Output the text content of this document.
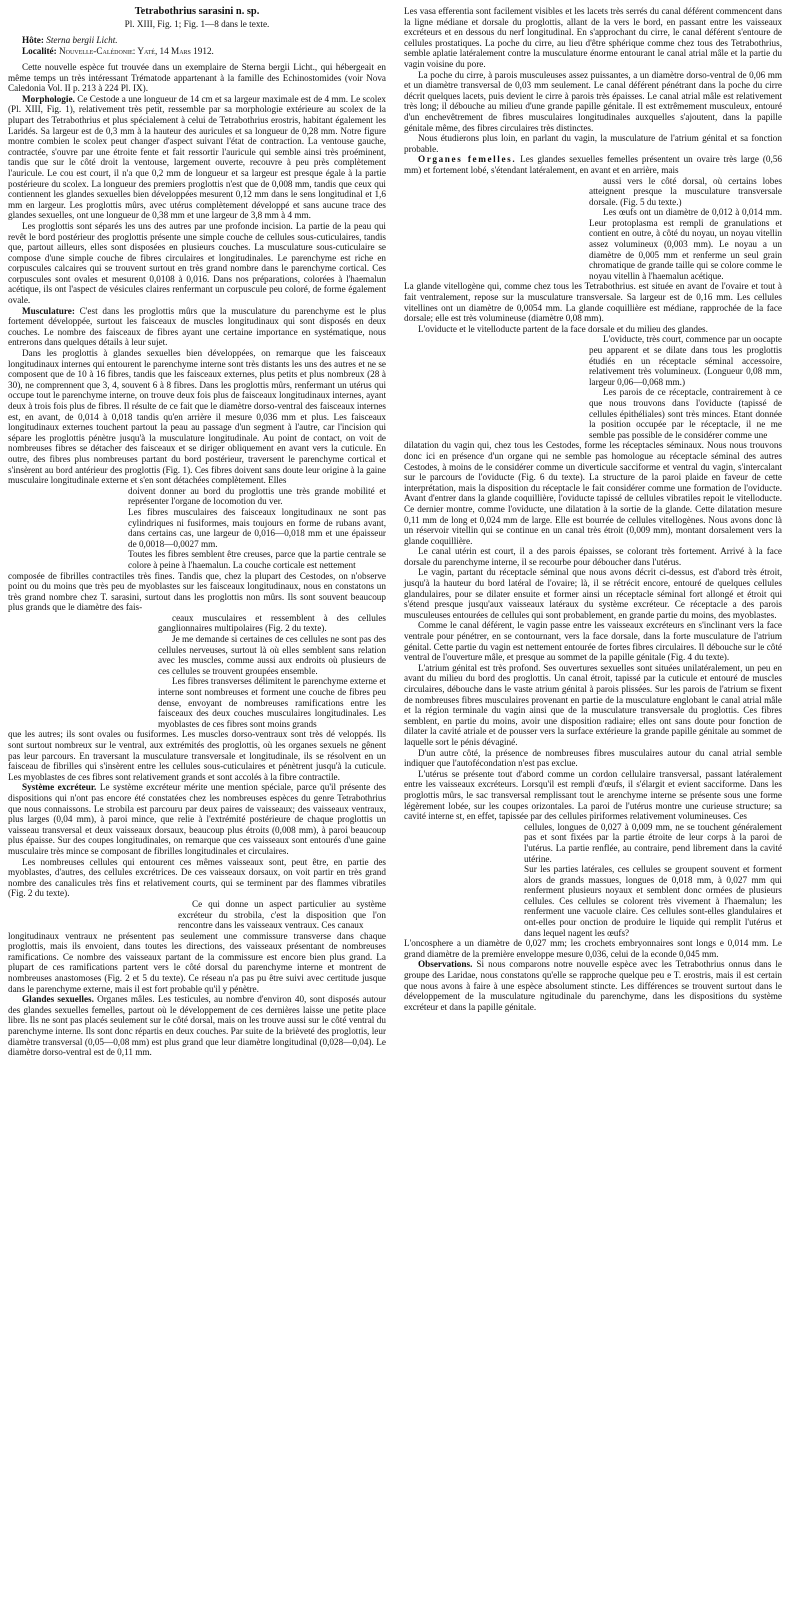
Tetrabothrius sarasini n. sp.

Pl. XIII, Fig. 1; Fig. 1—8 dans le texte.

Hôte: Sterna bergii Licht.

Localité: Nouvelle-Calédonie: Yaté, 14 Mars 1912.

Cette nouvelle espèce fut trouvée dans un exemplaire de Sterna bergii Licht., qui hébergeait en même temps un très intéressant Trématode appartenant à la famille des Echinostomides (voir Nova Caledonia Vol. II p. 213 à 224 Pl. IX).

Morphologie. Ce Cestode a une longueur de 14 cm et sa largeur maximale est de 4 mm. Le scolex (Pl. XIII, Fig. 1), relativement très petit, ressemble par sa morphologie extérieure au scolex de la plupart des Tetrabothrius et plus spécialement à celui de Tetrabothrius erostris, habitant également les Laridés. Sa largeur est de 0,3 mm à la hauteur des auricules et sa longueur de 0,28 mm. Notre figure montre combien le scolex peut changer d'aspect suivant l'état de contraction. La ventouse gauche, contractée, s'ouvre par une étroite fente et fait ressortir l'auricule qui semble ainsi très proéminent, tandis que sur le côté droit la ventouse, largement ouverte, recouvre à peu près complètement l'auricule. Le cou est court, il n'a que 0,2 mm de longueur et sa largeur est presque égale à la partie postérieure du scolex. La longueur des premiers proglottis n'est que de 0,008 mm, tandis que ceux qui contiennent les glandes sexuelles bien développées mesurent 0,12 mm dans le sens longitudinal et 1,6 mm en largeur. Les proglottis mûrs, avec utérus complètement développé et sans aucune trace des glandes sexuelles, ont une longueur de 0,38 mm et une largeur de 3,8 mm à 4 mm.

Les proglottis sont séparés les uns des autres par une profonde incision. La partie de la peau qui revêt le bord postérieur des proglottis présente une simple couche de cellules sous-cuticulaires, tandis que, partout ailleurs, elles sont disposées en plusieurs couches. La musculature sous-cuticulaire se compose d'une simple couche de fibres circulaires et longitudinales. Le parenchyme est riche en corpuscules calcaires qui se trouvent surtout en très grand nombre dans le parenchyme cortical. Ces corpuscules sont ovales et mesurent 0,0108 à 0,016. Dans nos préparations, colorées à l'haemalun acétique, ils ont l'aspect de vésicules claires renfermant un corpuscule peu coloré, de forme également ovale.

Musculature: C'est dans les proglottis mûrs que la musculature du parenchyme est le plus fortement développée, surtout les faisceaux de muscles longitudinaux qui sont disposés en deux couches. Le nombre des faisceaux de fibres ayant une certaine importance en systématique, nous entrerons dans quelques détails à leur sujet.

Dans les proglottis à glandes sexuelles bien développées, on remarque que les faisceaux longitudinaux internes qui entourent le parenchyme interne sont très distants les uns des autres et ne se composent que de 10 à 16 fibres, tandis que les faisceaux externes, plus petits et plus nombreux (28 à 30), ne comprennent que 3, 4, souvent 6 à 8 fibres. Dans les proglottis mûrs, renfermant un utérus qui occupe tout le parenchyme interne, on trouve deux fois plus de faisceaux longitudinaux internes, ayant deux à trois fois plus de fibres. Il résulte de ce fait que le diamètre dorso-ventral des faisceaux internes est, en avant, de 0,014 à 0,018 tandis qu'en arrière il mesure 0,036 mm et plus. Les faisceaux longitudinaux externes touchent partout la peau au passage d'un segment à l'autre, car l'incision qui sépare les proglottis pénètre jusqu'à la musculature longitudinale. Au point de contact, on voit de nombreuses fibres se détacher des faisceaux et se diriger obliquement en avant vers la cuticule. En outre, des fibres plus nombreuses partant du bord postérieur, traversent le parenchyme cortical et s'insèrent au bord antérieur des proglottis (Fig. 1). Ces fibres doivent sans doute leur origine à la gaine musculaire longitudinale externe et s'en sont détachées complètement. Elles

doivent donner au bord du proglottis une très grande mobilité et représenter l'organe de locomotion du ver.

Les fibres musculaires des faisceaux longitudinaux ne sont pas cylindriques ni fusiformes, mais toujours en forme de rubans avant, dans certains cas, une largeur de 0,016—0,018 mm et une épaisseur de 0,0018—0,0027 mm.

Toutes les fibres semblent être creuses, parce que la partie centrale se colore à peine à l'haemalun. La couche corticale est nettement

composée de fibrilles contractiles très fines. Tandis que, chez la plupart des Cestodes, on n'observe point ou du moins que très peu de myoblastes sur les faisceaux longitudinaux, nous en constatons un très grand nombre chez T. sarasini, surtout dans les proglottis non mûrs. Ils sont souvent beaucoup plus grands que le diamètre des fais-

ceaux musculaires et ressemblent à des cellules ganglionnaires multipolaires (Fig. 2 du texte).

Je me demande si certaines de ces cellules ne sont pas des cellules nerveuses, surtout là où elles semblent sans relation avec les muscles, comme aussi aux endroits où plusieurs de ces cellules se trouvent groupées ensemble.

Les fibres transverses délimitent le parenchyme externe et interne sont nombreuses et forment une couche de fibres peu dense, envoyant de nombreuses ramifications entre les faisceaux des deux couches musculaires longitudinales. Les myoblastes de ces fibres sont moins grands

que les autres; ils sont ovales ou fusiformes. Les muscles dorso-ventraux sont très dé veloppés. Ils sont surtout nombreux sur le ventral, aux extrémités des proglottis, où les organes sexuels ne gênent pas leur parcours. En traversant la musculature transversale et longitudinale, ils se résolvent en un faisceau de fibrilles qui s'insèrent entre les cellules sous-cuticulaires et pénètrent jusqu'à la cuticule. Les myoblastes de ces fibres sont relativement grands et sont accolés à la fibre contractile.

Système excréteur. Le système excréteur mérite une mention spéciale, parce qu'il présente des dispositions qui n'ont pas encore été constatées chez les nombreuses espèces du genre Tetrabothrius que nous connaissons. Le strobila est parcouru par deux paires de vaisseaux; des vaisseaux ventraux, plus larges (0,04 mm), à paroi mince, que relie à l'extrémité postérieure de chaque proglottis un vaisseau transversal et deux vaisseaux dorsaux, beaucoup plus étroits (0,008 mm), à paroi beaucoup plus épaisse. Sur des coupes longitudinales, on remarque que ces vaisseaux sont entourés d'une gaine musculaire très mince se composant de fibrilles longitudinales et circulaires.

Les nombreuses cellules qui entourent ces mêmes vaisseaux sont, peut être, en partie des myoblastes, d'autres, des cellules excrétrices. De ces vaisseaux dorsaux, on voit partir en très grand nombre des canalicules très fins et relativement courts, qui se terminent par des flammes vibratiles (Fig. 2 du texte).

Ce qui donne un aspect particulier au système excréteur du strobila, c'est la disposition que l'on rencontre dans les vaisseaux ventraux. Ces canaux

longitudinaux ventraux ne présentent pas seulement une commissure transverse dans chaque proglottis, mais ils envoient, dans toutes les directions, des vaisseaux présentant de nombreuses ramifications. Ce nombre des vaisseaux partant de la commissure est encore bien plus grand. La plupart de ces ramifications partent vers le côté dorsal du parenchyme interne et montrent de nombreuses anastomoses (Fig. 2 et 5 du texte). Ce réseau n'a pas pu être suivi avec certitude jusque dans le parenchyme externe, mais il est fort probable qu'il y pénètre.

Glandes sexuelles. Organes mâles. Les testicules, au nombre d'environ 40, sont disposés autour des glandes sexuelles femelles, partout où le développement de ces dernières laisse une petite place libre. Ils ne sont pas placés seulement sur le côté dorsal, mais on les trouve aussi sur le côté ventral du parenchyme interne. Ils sont donc répartis en deux couches. Par suite de la brièveté des proglottis, leur diamètre transversal (0,05—0,08 mm) est plus grand que leur diamètre longitudinal (0,028—0,04). Le diamètre dorso-ventral est de 0,11 mm.

Les vasa efferentia sont facilement visibles et les lacets très serrés du canal déférent commencent dans la ligne médiane et dorsale du proglottis, allant de la vers le bord, en passant entre les vaisseaux excréteurs et en dessous du nerf longitudinal. En s'approchant du cirre, le canal déférent s'entoure de cellules prostatiques. La poche du cirre, au lieu d'être sphérique comme chez tous des Tetrabothrius, semble aplatie latéralement contre la musculature énorme entourant le canal atrial mâle et la partie du vagin voisine du pore.

La poche du cirre, à parois musculeuses assez puissantes, a un diamètre dorso-ventral de 0,06 mm et un diamètre transversal de 0,03 mm seulement. Le canal déférent pénétrant dans la poche du cirre décrit quelques lacets, puis devient le cirre à parois très épaisses. Le canal atrial mâle est relativement très long; il débouche au milieu d'une grande papille génitale. Il est extrêmement musculeux, entouré d'un enchevêtrement de fibres musculaires longitudinales auxquelles s'ajoutent, dans la papille génitale même, des fibres circulaires très distinctes.

Nous étudierons plus loin, en parlant du vagin, la musculature de l'atrium génital et sa fonction probable.

Organes femelles. Les glandes sexuelles femelles présentent un ovaire très large (0,56 mm) et fortement lobé, s'étendant latéralement, en avant et en arrière, mais

aussi vers le côté dorsal, où certains lobes atteignent presque la musculature transversale dorsale. (Fig. 5 du texte.)

Les œufs ont un diamètre de 0,012 à 0,014 mm. Leur protoplasma est rempli de granulations et contient en outre, à côté du noyau, un noyau vitellin assez volumineux (0,003 mm). Le noyau a un diamètre de 0,005 mm et renferme un seul grain chromatique de grande taille qui se colore comme le noyau vitellin à l'haemalun acétique.

La glande vitellogène qui, comme chez tous les Tetrabothrius. est située en avant de l'ovaire et tout à fait ventralement, repose sur la musculature transversale. Sa largeur est de 0,16 mm. Les cellules vitellines ont un diamètre de 0,0054 mm. La glande coquillière est médiane, rapprochée de la face dorsale; elle est très volumineuse (diamètre 0,08 mm).

L'oviducte et le vitelloducte partent de la face dorsale et du milieu des glandes.

L'oviducte, très court, commence par un oocapte peu apparent et se dilate dans tous les proglottis étudiés en un réceptacle séminal accessoire, relativement très volumineux. (Longueur 0,08 mm, largeur 0,06—0,068 mm.)

Les parois de ce réceptacle, contrairement à ce que nous trouvons dans l'oviducte (tapissé de cellules épithéliales) sont très minces. Etant donnée la position occupée par le réceptacle, il ne me semble pas possible de le considérer comme une

dilatation du vagin qui, chez tous les Cestodes, forme les réceptacles séminaux. Nous nous trouvons donc ici en présence d'un organe qui ne semble pas homologue au réceptacle séminal des autres Cestodes, à moins de le considérer comme un diverticule sacciforme et ventral du vagin, s'intercalant sur le parcours de l'oviducte (Fig. 6 du texte). La structure de la paroi plaide en faveur de cette interprétation, mais la disposition du réceptacle le fait considérer comme une formation de l'oviducte. Avant d'entrer dans la glande coquillière, l'oviducte tapissé de cellules vibratiles repoit le vitelloducte. Ce dernier montre, comme l'oviducte, une dilatation à la sortie de la glande. Cette dilatation mesure 0,11 mm de long et 0,024 mm de large. Elle est bourrée de cellules vitellogènes. Nous avons donc là un réservoir vitellin qui se continue en un canal très étroit (0,009 mm), montant dorsalement vers la glande coquillière.

Le canal utérin est court, il a des parois épaisses, se colorant très fortement. Arrivé à la face dorsale du parenchyme interne, il se recourbe pour déboucher dans l'utérus.

Le vagin, partant du réceptacle séminal que nous avons décrit ci-dessus, est d'abord très étroit, jusqu'à la hauteur du bord latéral de l'ovaire; là, il se rétrécit encore, entouré de quelques cellules glandulaires, pour se dilater ensuite et former ainsi un réceptacle séminal fort allongé et étroit qui s'étend presque jusqu'aux vaisseaux latéraux du système excréteur. Ce réceptacle a des parois musculeuses entourées de cellules qui sont probablement, en grande partie du moins, des myoblastes.

Comme le canal déférent, le vagin passe entre les vaisseaux excréteurs en s'inclinant vers la face ventrale pour pénétrer, en se contournant, vers la face dorsale, dans la forte musculature de l'atrium génital. Cette partie du vagin est nettement entourée de fortes fibres circulaires. Il débouche sur le côté ventral de l'ouverture mâle, et presque au sommet de la papille génitale (Fig. 4 du texte).

L'atrium génital est très profond. Ses ouvertures sexuelles sont situées unilatéralement, un peu en avant du milieu du bord des proglottis. Un canal étroit, tapissé par la cuticule et entouré de muscles circulaires, débouche dans le vaste atrium génital à parois plissées. Sur les parois de l'atrium se fixent de nombreuses fibres musculaires provenant en partie de la musculature englobant le canal atrial mâle et la région terminale du vagin ainsi que de la musculature transversale du proglottis. Ces fibres semblent, en partie du moins, avoir une disposition radiaire; elles ont sans doute pour fonction de dilater la cavité atriale et de pousser vers la surface extérieure la grande papille génitale au sommet de laquelle sort le pénis dévaginé.

D'un autre côté, la présence de nombreuses fibres musculaires autour du canal atrial semble indiquer que l'autofécondation n'est pas exclue.

L'utérus se présente tout d'abord comme un cordon cellulaire transversal, passant latéralement entre les vaisseaux excréteurs. Lorsqu'il est rempli d'œufs, il s'élargit et evient sacciforme. Dans les proglottis mûrs, le sac transversal remplissant tout le arenchyme interne se présente sous une forme légèrement lobée, sur les coupes orizontales. La paroi de l'utérus montre une curieuse structure; sa cavité interne st, en effet, tapissée par des cellules piriformes relativement volumineuses. Ces

cellules, longues de 0,027 à 0,009 mm, ne se touchent généralement pas et sont fixées par la partie étroite de leur corps à la paroi de l'utérus. La partie renflée, au contraire, pend librement dans la cavité utérine.

Sur les parties latérales, ces cellules se groupent souvent et forment alors de grands massues, longues de 0,018 mm, à 0,027 mm qui renferment plusieurs noyaux et semblent donc ormées de plusieurs cellules. Ces cellules se colorent très vivement à l'haemalun; les renferment une vacuole claire. Ces cellules sont-elles glandulaires et ont-elles pour onction de produire le liquide qui remplit l'utérus et dans lequel nagent les œufs?

L'oncosphere a un diamètre de 0,027 mm; les crochets embryonnaires sont longs e 0,014 mm. Le grand diamètre de la première enveloppe mesure 0,036, celui de la econde 0,045 mm.

Observations. Si nous comparons notre nouvelle espèce avec les Tetrabothrius onnus dans le groupe des Laridae, nous constatons qu'elle se rapproche quelque peu e T. erostris, mais il est certain que nous avons à faire à une espèce absolument stincte. Les différences se trouvent surtout dans le développement de la musculature ngitudinale du parenchyme, dans les dispositions du système excréteur et dans la papille génitale.
